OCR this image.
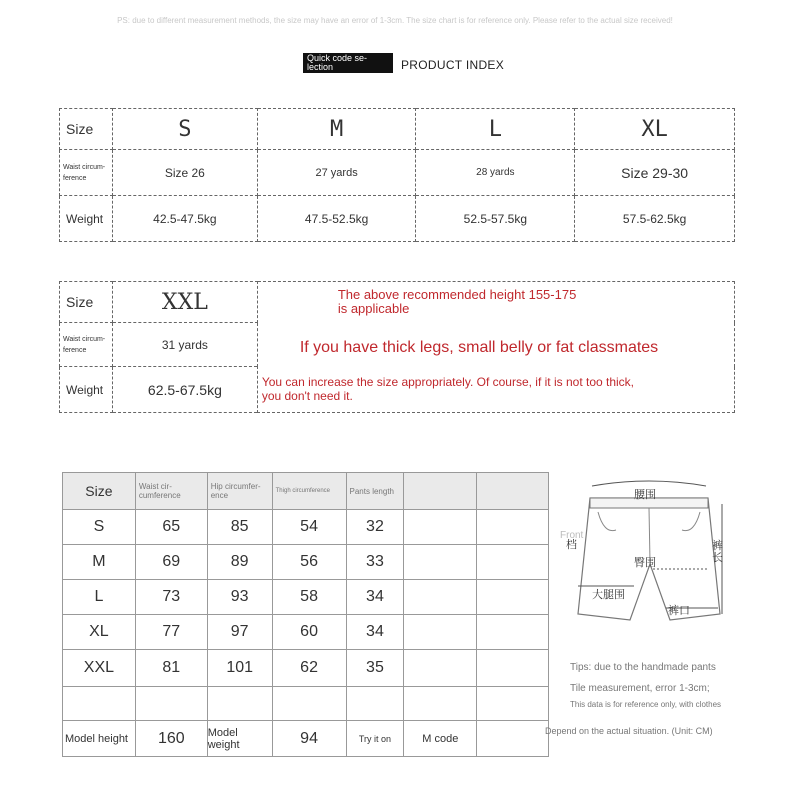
PS: due to different measurement methods, the size may have an error of 1-3cm. The size chart is for reference only. Please refer to the actual size received!
Quick code se- lection	PRODUCT INDEX
Size	S	M	L	XL
Waist circum- ference	Size 26	27 yards	28 yards	Size 29-30
Weight	42.5-47.5kg	47.5-52.5kg	52.5-57.5kg	57.5-62.5kg
Size	XXL	The above recommended height 155-175
is applicable
If you have thick legs, small belly or fat classmates
You can increase the size appropriately. Of course, if it is not too thick,
you don't need it.

Waist circum- ference	31 yards	
Weight	62.5-67.5kg	
Size	Waist cir- cumference	Hip circumfer- ence	Thigh circumference	Pants length		
S	65	85	54	32		
M	69	89	56	33		
L	73	93	58	34		
XL	77	97	60	34		
XXL	81	101	62	35		

Model height	160	Model weight	94	Try it on	M code	
腰围
Front
档
臀围
裤
长
大腿围
裤口
Tips: due to the handmade pants
Tile measurement, error 1-3cm;
This data is for reference only, with clothes
Depend on the actual situation. (Unit: CM)
